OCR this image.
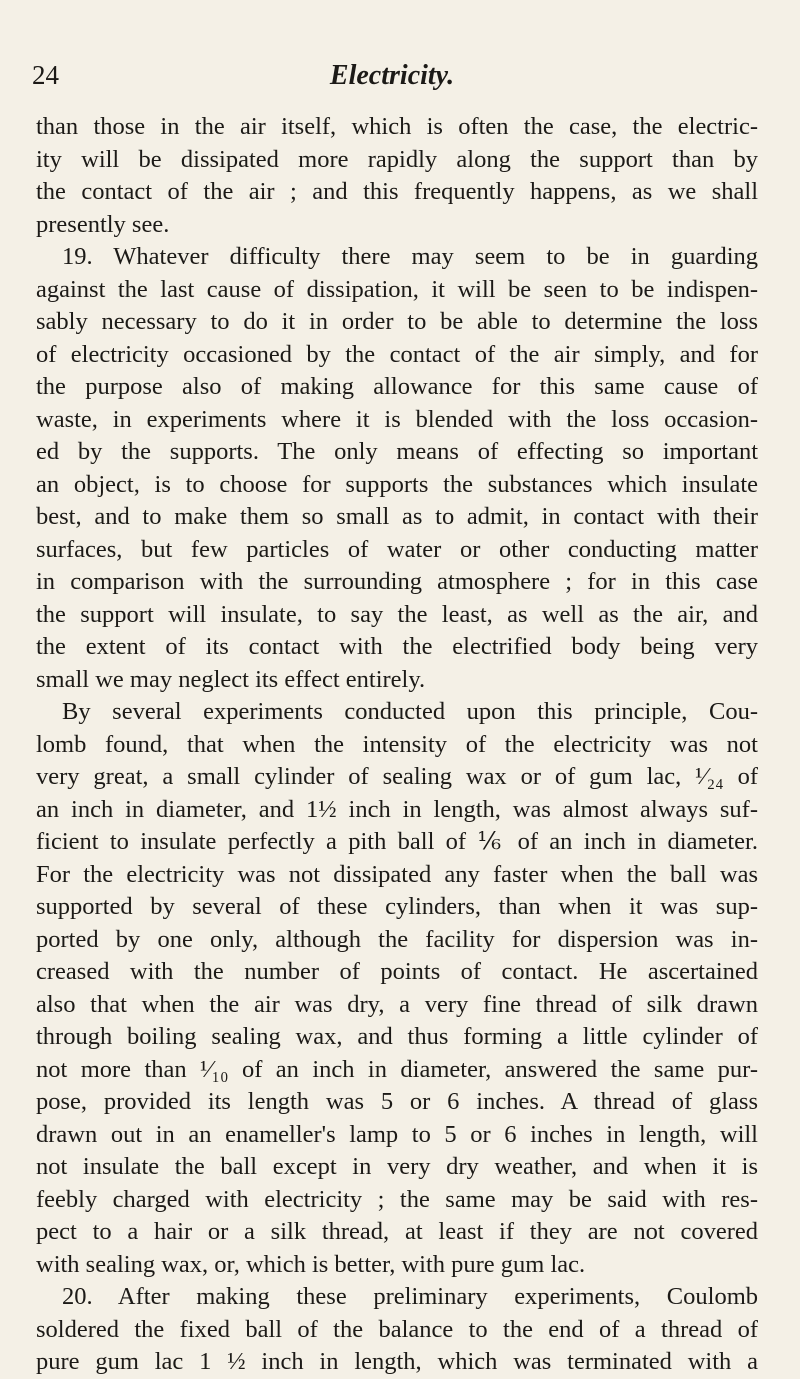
24	Electricity.
than those in the air itself, which is often the case, the electric-
ity will be dissipated more rapidly along the support than by
the contact of the air ; and this frequently happens, as we shall
presently see.
19. Whatever difficulty there may seem to be in guarding
against the last cause of dissipation, it will be seen to be indispen-
sably necessary to do it in order to be able to determine the loss
of electricity occasioned by the contact of the air simply, and for
the purpose also of making allowance for this same cause of
waste, in experiments where it is blended with the loss occasion-
ed by the supports. The only means of effecting so important
an object, is to choose for supports the substances which insulate
best, and to make them so small as to admit, in contact with their
surfaces, but few particles of water or other conducting matter
in comparison with the surrounding atmosphere ; for in this case
the support will insulate, to say the least, as well as the air, and
the extent of its contact with the electrified body being very
small we may neglect its effect entirely.
By several experiments conducted upon this principle, Cou-
lomb found, that when the intensity of the electricity was not
very great, a small cylinder of sealing wax or of gum lac, ¹⁄₂₄ of
an inch in diameter, and 1½ inch in length, was almost always suf-
ficient to insulate perfectly a pith ball of ⅙ of an inch in diameter.
For the electricity was not dissipated any faster when the ball was
supported by several of these cylinders, than when it was sup-
ported by one only, although the facility for dispersion was in-
creased with the number of points of contact. He ascertained
also that when the air was dry, a very fine thread of silk drawn
through boiling sealing wax, and thus forming a little cylinder of
not more than ¹⁄₁₀ of an inch in diameter, answered the same pur-
pose, provided its length was 5 or 6 inches. A thread of glass
drawn out in an enameller's lamp to 5 or 6 inches in length, will
not insulate the ball except in very dry weather, and when it is
feebly charged with electricity ; the same may be said with res-
pect to a hair or a silk thread, at least if they are not covered
with sealing wax, or, which is better, with pure gum lac.
20. After making these preliminary experiments, Coulomb
soldered the fixed ball of the balance to the end of a thread of
pure gum lac 1 ½ inch in length, which was terminated with a
